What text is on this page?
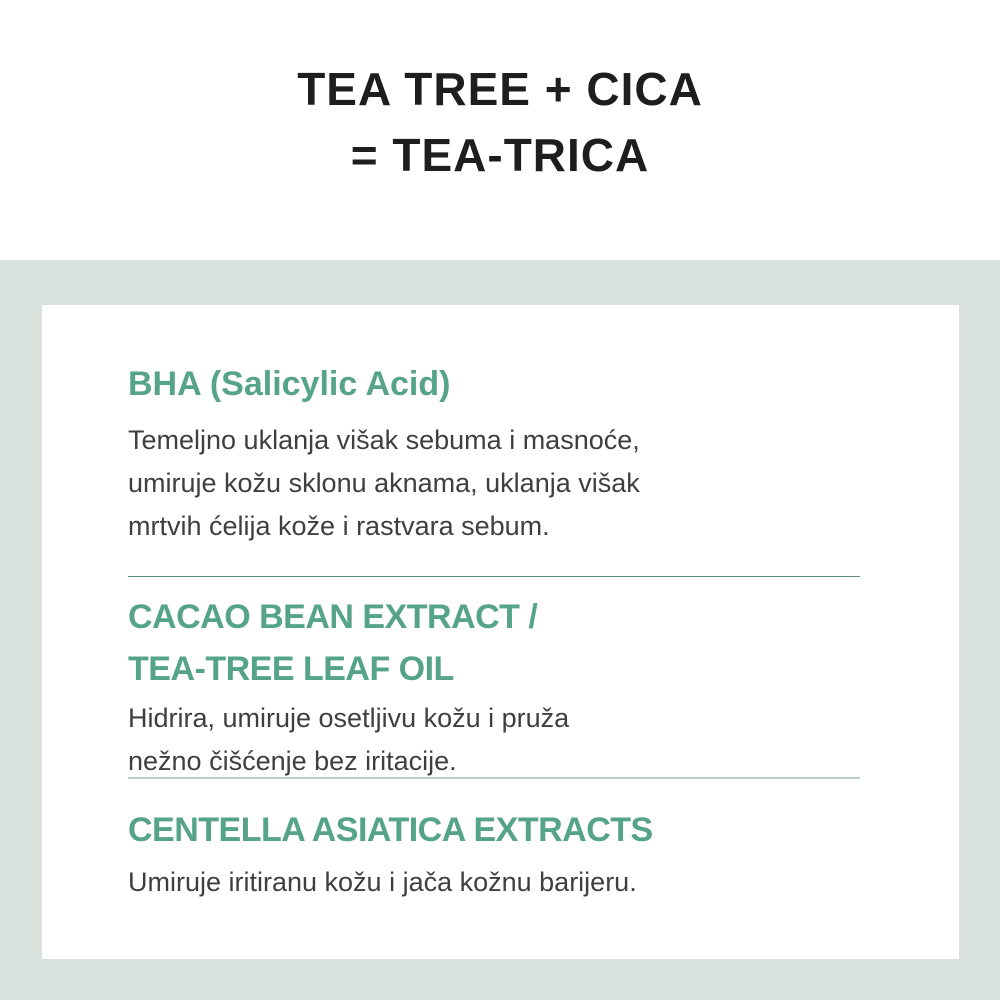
TEA TREE + CICA
= TEA-TRICA
BHA (Salicylic Acid)
Temeljno uklanja višak sebuma i masnoće,
umiruje kožu sklonu aknama, uklanja višak
mrtvih ćelija kože i rastvara sebum.
CACAO BEAN EXTRACT /
TEA-TREE LEAF OIL
Hidrira, umiruje osetljivu kožu i pruža
nežno čišćenje bez iritacije.
CENTELLA ASIATICA EXTRACTS
Umiruje iritiranu kožu i jača kožnu barijeru.
